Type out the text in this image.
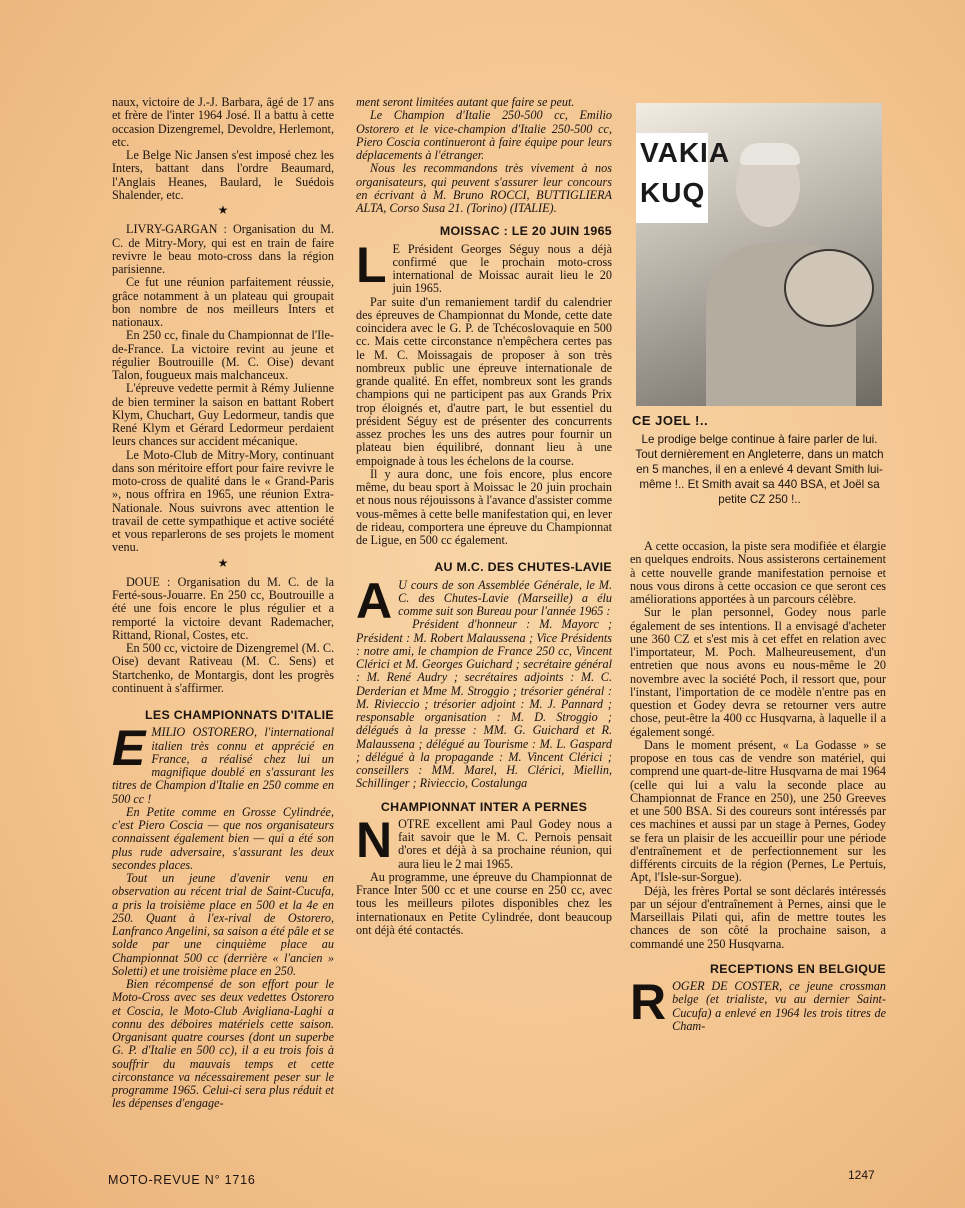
naux, victoire de J.-J. Barbara, âgé de 17 ans et frère de l'inter 1964 José. Il a battu à cette occasion Dizengremel, Devoldre, Herlemont, etc.

Le Belge Nic Jansen s'est imposé chez les Inters, battant dans l'ordre Beaumard, l'Anglais Heanes, Baulard, le Suédois Shalender, etc.

★

LIVRY-GARGAN : Organisation du M. C. de Mitry-Mory, qui est en train de faire revivre le beau moto-cross dans la région parisienne.

Ce fut une réunion parfaitement réussie, grâce notamment à un plateau qui groupait bon nombre de nos meilleurs Inters et nationaux.

En 250 cc, finale du Championnat de l'Ile-de-France. La victoire revint au jeune et régulier Boutrouille (M. C. Oise) devant Talon, fougueux mais malchanceux.

L'épreuve vedette permit à Rémy Julienne de bien terminer la saison en battant Robert Klym, Chuchart, Guy Ledormeur, tandis que René Klym et Gérard Ledormeur perdaient leurs chances sur accident mécanique.

Le Moto-Club de Mitry-Mory, continuant dans son méritoire effort pour faire revivre le moto-cross de qualité dans le « Grand-Paris », nous offrira en 1965, une réunion Extra-Nationale. Nous suivrons avec attention le travail de cette sympathique et active société et vous reparlerons de ses projets le moment venu.

★

DOUE : Organisation du M. C. de la Ferté-sous-Jouarre. En 250 cc, Boutrouille a été une fois encore le plus régulier et a remporté la victoire devant Rademacher, Rittand, Rional, Costes, etc.

En 500 cc, victoire de Dizengremel (M. C. Oise) devant Rativeau (M. C. Sens) et Startchenko, de Montargis, dont les progrès continuent à s'affirmer.

LES CHAMPIONNATS D'ITALIE

EMILIO OSTORERO, l'international italien très connu et apprécié en France, a réalisé chez lui un magnifique doublé en s'assurant les titres de Champion d'Italie en 250 comme en 500 cc !

En Petite comme en Grosse Cylindrée, c'est Piero Coscia — que nos organisateurs connaissent également bien — qui a été son plus rude adversaire, s'assurant les deux secondes places.

Tout un jeune d'avenir venu en observation au récent trial de Saint-Cucufa, a pris la troisième place en 500 et la 4e en 250. Quant à l'ex-rival de Ostorero, Lanfranco Angelini, sa saison a été pâle et se solde par une cinquième place au Championnat 500 cc (derrière « l'ancien » Soletti) et une troisième place en 250.

Bien récompensé de son effort pour le Moto-Cross avec ses deux vedettes Ostorero et Coscia, le Moto-Club Avigliana-Laghi a connu des déboires matériels cette saison. Organisant quatre courses (dont un superbe G. P. d'Italie en 500 cc), il a eu trois fois à souffrir du mauvais temps et cette circonstance va nécessairement peser sur le programme 1965. Celui-ci sera plus réduit et les dépenses d'engage-

ment seront limitées autant que faire se peut.

Le Champion d'Italie 250-500 cc, Emilio Ostorero et le vice-champion d'Italie 250-500 cc, Piero Coscia continueront à faire équipe pour leurs déplacements à l'étranger.

Nous les recommandons très vivement à nos organisateurs, qui peuvent s'assurer leur concours en écrivant à M. Bruno ROCCI, BUTTIGLIERA ALTA, Corso Susa 21. (Torino) (ITALIE).

MOISSAC : LE 20 JUIN 1965

L E Président Georges Séguy nous a déjà confirmé que le prochain moto-cross international de Moissac aurait lieu le 20 juin 1965.

Par suite d'un remaniement tardif du calendrier des épreuves de Championnat du Monde, cette date coincidera avec le G. P. de Tchécoslovaquie en 500 cc. Mais cette circonstance n'empêchera certes pas le M. C. Moissagais de proposer à son très nombreux public une épreuve internationale de grande qualité. En effet, nombreux sont les grands champions qui ne participent pas aux Grands Prix trop éloignés et, d'autre part, le but essentiel du président Séguy est de présenter des concurrents assez proches les uns des autres pour fournir un plateau bien équilibré, donnant lieu à une empoignade à tous les échelons de la course.

Il y aura donc, une fois encore, plus encore même, du beau sport à Moissac le 20 juin prochain et nous nous réjouissons à l'avance d'assister comme vous-mêmes à cette belle manifestation qui, en lever de rideau, comportera une épreuve du Championnat de Ligue, en 500 cc également.

AU M.C. DES CHUTES-LAVIE

A U cours de son Assemblée Générale, le M. C. des Chutes-Lavie (Marseille) a élu comme suit son Bureau pour l'année 1965 :

Président d'honneur : M. Mayorc ; Président : M. Robert Malaussena ; Vice Présidents : notre ami, le champion de France 250 cc, Vincent Clérici et M. Georges Guichard ; secrétaire général : M. René Audry ; secrétaires adjoints : M. C. Derderian et Mme M. Stroggio ; trésorier général : M. Rivieccio ; trésorier adjoint : M. J. Pannard ; responsable organisation : M. D. Stroggio ; délégués à la presse : MM. G. Guichard et R. Malaussena ; délégué au Tourisme : M. L. Gaspard ; délégué à la propagande : M. Vincent Clérici ; conseillers : MM. Marel, H. Clérici, Miellin, Schillinger ; Rivieccio, Costalunga

CHAMPIONNAT INTER A PERNES

NOTRE excellent ami Paul Godey nous a fait savoir que le M. C. Pernois pensait d'ores et déjà à sa prochaine réunion, qui aura lieu le 2 mai 1965.

Au programme, une épreuve du Championnat de France Inter 500 cc et une course en 250 cc, avec tous les meilleurs pilotes disponibles chez les internationaux en Petite Cylindrée, dont beaucoup ont déjà été contactés.

VAKIA
KUQ
CE JOEL !..
Le prodige belge continue à faire parler de lui. Tout dernièrement en Angleterre, dans un match en 5 manches, il en a enlevé 4 devant Smith lui-même !.. Et Smith avait sa 440 BSA, et Joël sa petite CZ 250 !..

A cette occasion, la piste sera modifiée et élargie en quelques endroits. Nous assisterons certainement à cette nouvelle grande manifestation pernoise et nous vous dirons à cette occasion ce que seront ces améliorations apportées à un parcours célèbre.

Sur le plan personnel, Godey nous parle également de ses intentions. Il a envisagé d'acheter une 360 CZ et s'est mis à cet effet en relation avec l'importateur, M. Poch. Malheureusement, d'un entretien que nous avons eu nous-même le 20 novembre avec la société Poch, il ressort que, pour l'instant, l'importation de ce modèle n'entre pas en question et Godey devra se retourner vers autre chose, peut-être la 400 cc Husqvarna, à laquelle il a également songé.

Dans le moment présent, « La Godasse » se propose en tous cas de vendre son matériel, qui comprend une quart-de-litre Husqvarna de mai 1964 (celle qui lui a valu la seconde place au Championnat de France en 250), une 250 Greeves et une 500 BSA. Si des coureurs sont intéressés par ces machines et aussi par un stage à Pernes, Godey se fera un plaisir de les accueillir pour une période d'entraînement et de perfectionnement sur les différents circuits de la région (Pernes, Le Pertuis, Apt, l'Isle-sur-Sorgue).

Déjà, les frères Portal se sont déclarés intéressés par un séjour d'entraînement à Pernes, ainsi que le Marseillais Pilati qui, afin de mettre toutes les chances de son côté la prochaine saison, a commandé une 250 Husqvarna.

RECEPTIONS EN BELGIQUE

ROGER DE COSTER, ce jeune crossman belge (et trialiste, vu au dernier Saint-Cucufa) a enlevé en 1964 les trois titres de Cham-

MOTO-REVUE N° 1716	1247
